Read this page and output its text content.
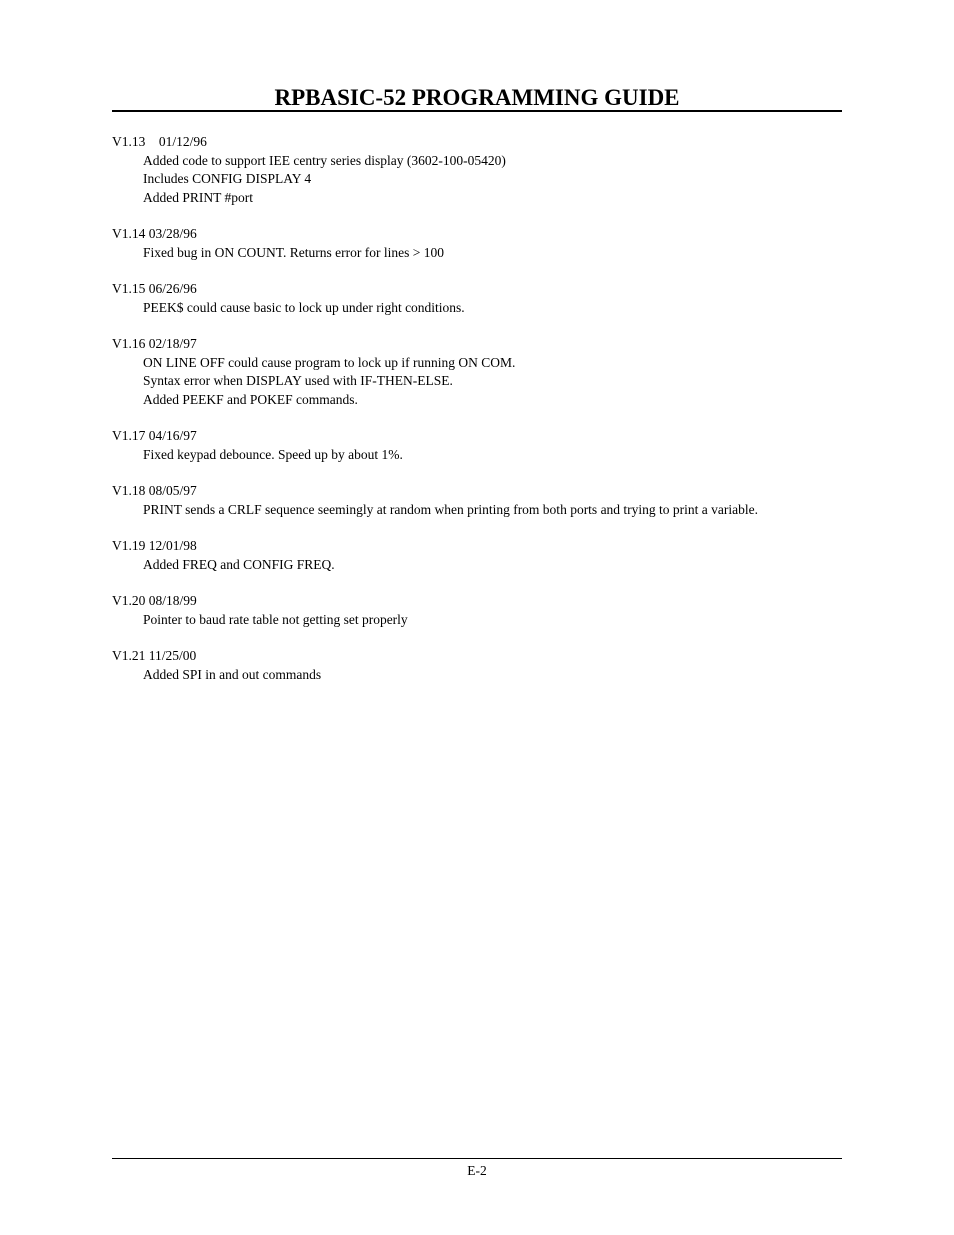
RPBASIC-52 PROGRAMMING GUIDE
V1.13    01/12/96
Added code to support IEE centry series display (3602-100-05420)
Includes CONFIG DISPLAY 4
Added PRINT #port
V1.14 03/28/96
Fixed bug in ON COUNT. Returns error for lines > 100
V1.15 06/26/96
PEEK$ could cause basic to lock up under right conditions.
V1.16 02/18/97
ON LINE OFF could cause program to lock up if running ON COM.
Syntax error when DISPLAY used with IF-THEN-ELSE.
Added PEEKF and POKEF commands.
V1.17 04/16/97
Fixed keypad debounce. Speed up by about 1%.
V1.18 08/05/97
PRINT sends a CRLF sequence seemingly at random when printing from both ports and trying to print a variable.
V1.19 12/01/98
Added FREQ and CONFIG FREQ.
V1.20 08/18/99
Pointer to baud rate table not getting set properly
V1.21 11/25/00
Added SPI in and out commands
E-2
